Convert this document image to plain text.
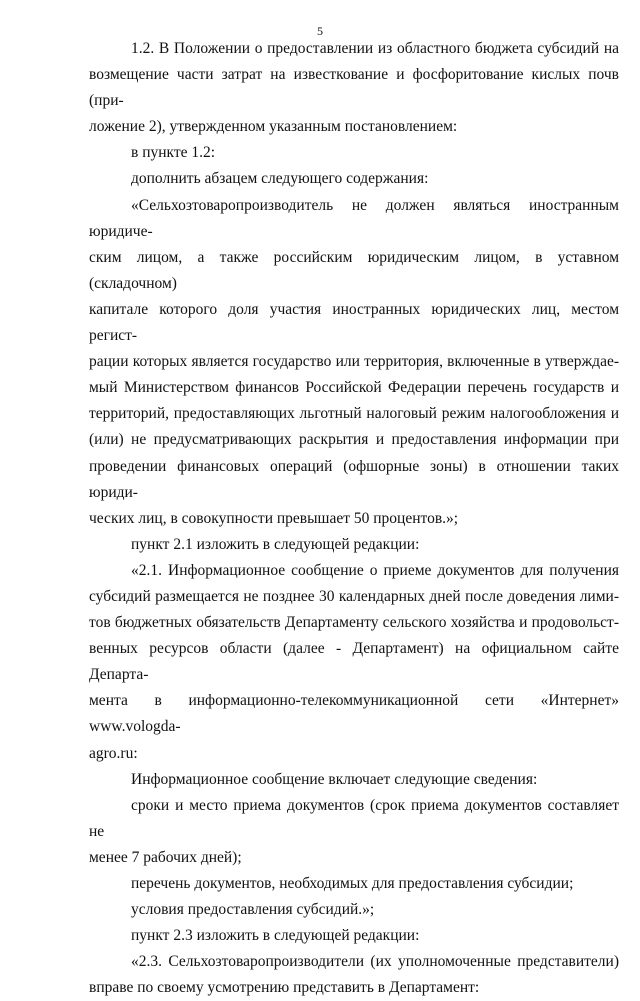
5
1.2. В Положении о предоставлении из областного бюджета субсидий на
возмещение части затрат на известкование и фосфоритование кислых почв (при-
ложение 2), утвержденном указанным постановлением:
в пункте 1.2:
дополнить абзацем следующего содержания:
«Сельхозтоваропроизводитель не должен являться иностранным юридиче-
ским лицом, а также российским юридическим лицом, в уставном (складочном)
капитале которого доля участия иностранных юридических лиц, местом регист-
рации которых является государство или территория, включенные в утверждае-
мый Министерством финансов Российской Федерации перечень государств и
территорий, предоставляющих льготный налоговый режим налогообложения и
(или) не предусматривающих раскрытия и предоставления информации при
проведении финансовых операций (офшорные зоны) в отношении таких юриди-
ческих лиц, в совокупности превышает 50 процентов.»;
пункт 2.1 изложить в следующей редакции:
«2.1. Информационное сообщение о приеме документов для получения
субсидий размещается не позднее 30 календарных дней после доведения лими-
тов бюджетных обязательств Департаменту сельского хозяйства и продовольст-
венных ресурсов области (далее - Департамент) на официальном сайте Департа-
мента в информационно-телекоммуникационной сети «Интернет» www.vologda-
agro.ru:
Информационное сообщение включает следующие сведения:
сроки и место приема документов (срок приема документов составляет не
менее 7 рабочих дней);
перечень документов, необходимых для предоставления субсидии;
условия предоставления субсидий.»;
пункт 2.3 изложить в следующей редакции:
«2.3. Сельхозтоваропроизводители (их уполномоченные представители)
вправе по своему усмотрению представить в Департамент:
